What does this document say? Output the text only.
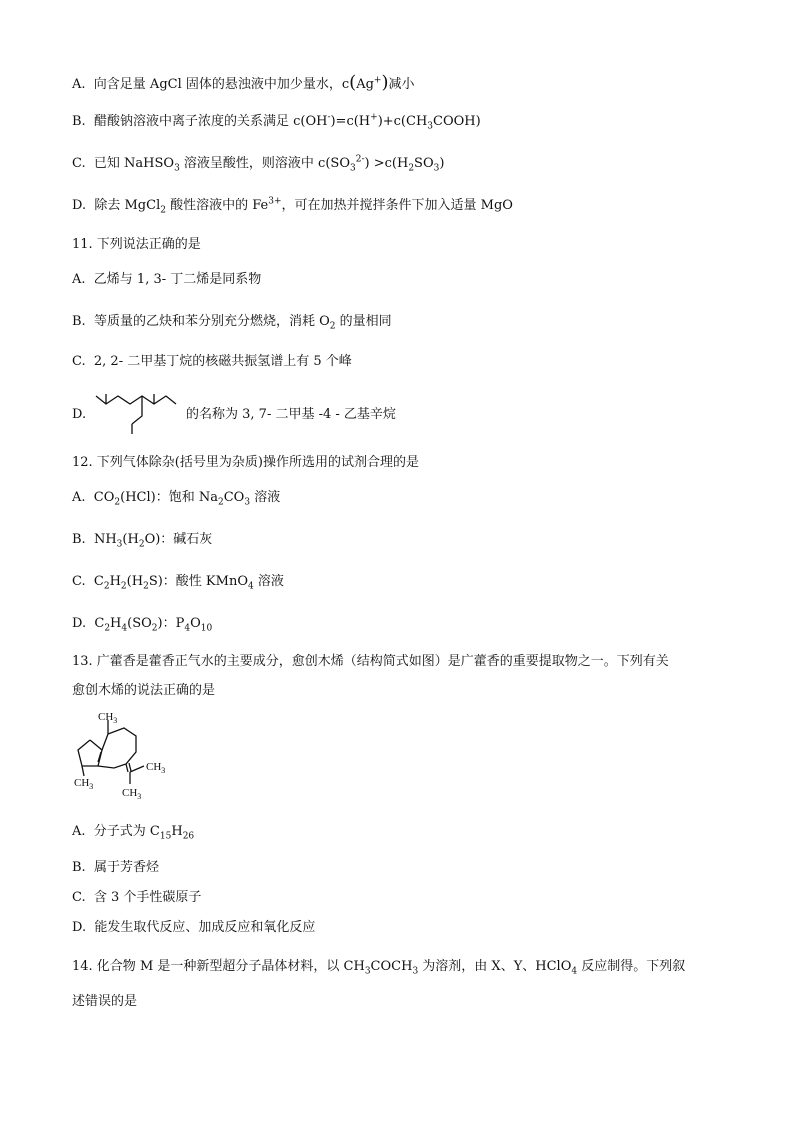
A. 向含足量 AgCl 固体的悬浊液中加少量水，c(Ag+)减小
B. 醋酸钠溶液中离子浓度的关系满足 $c(OH^-)=c(H^+)+c(CH_3COOH)$
C. 已知 NaHSO$_3$ 溶液呈酸性，则溶液中 $c(SO_3^{2-}) >c(H_2SO_3)$
D. 除去 MgCl$_2$ 酸性溶液中的 $Fe^{3+}$，可在加热并搅拌条件下加入适量 MgO
11. 下列说法正确的是
A. 乙烯与 1, 3- 丁二烯是同系物
B. 等质量的乙炔和苯分别充分燃烧，消耗 $O_2$ 的量相同
C. 2, 2- 二甲基丁烷的核磁共振氢谱上有 5 个峰
D.	的名称为 3, 7- 二甲基 -4 - 乙基辛烷
12. 下列气体除杂(括号里为杂质)操作所选用的试剂合理的是
A. $CO_2(HCl)$：饱和 $Na_2CO_3$ 溶液
B. $NH_3(H_2O)$：碱石灰
C. $C_2H_2(H_2S)$：酸性 KMnO$_4$ 溶液
D. $C_2H_4(SO_2)$：$P_4O_{10}$
13. 广藿香是藿香正气水的主要成分，愈创木烯（结构简式如图）是广藿香的重要提取物之一。下列有关
愈创木烯的说法正确的是
$CH_3$
$CH_3$
$CH_3$
$CH_3$
A. 分子式为 $C_{15}H_{26}$
B. 属于芳香烃
C. 含 3 个手性碳原子
D. 能发生取代反应、加成反应和氧化反应
14. 化合物 M 是一种新型超分子晶体材料，以 $CH_3COCH_3$ 为溶剂，由 X、Y、HClO$_4$ 反应制得。下列叙
述错误的是
